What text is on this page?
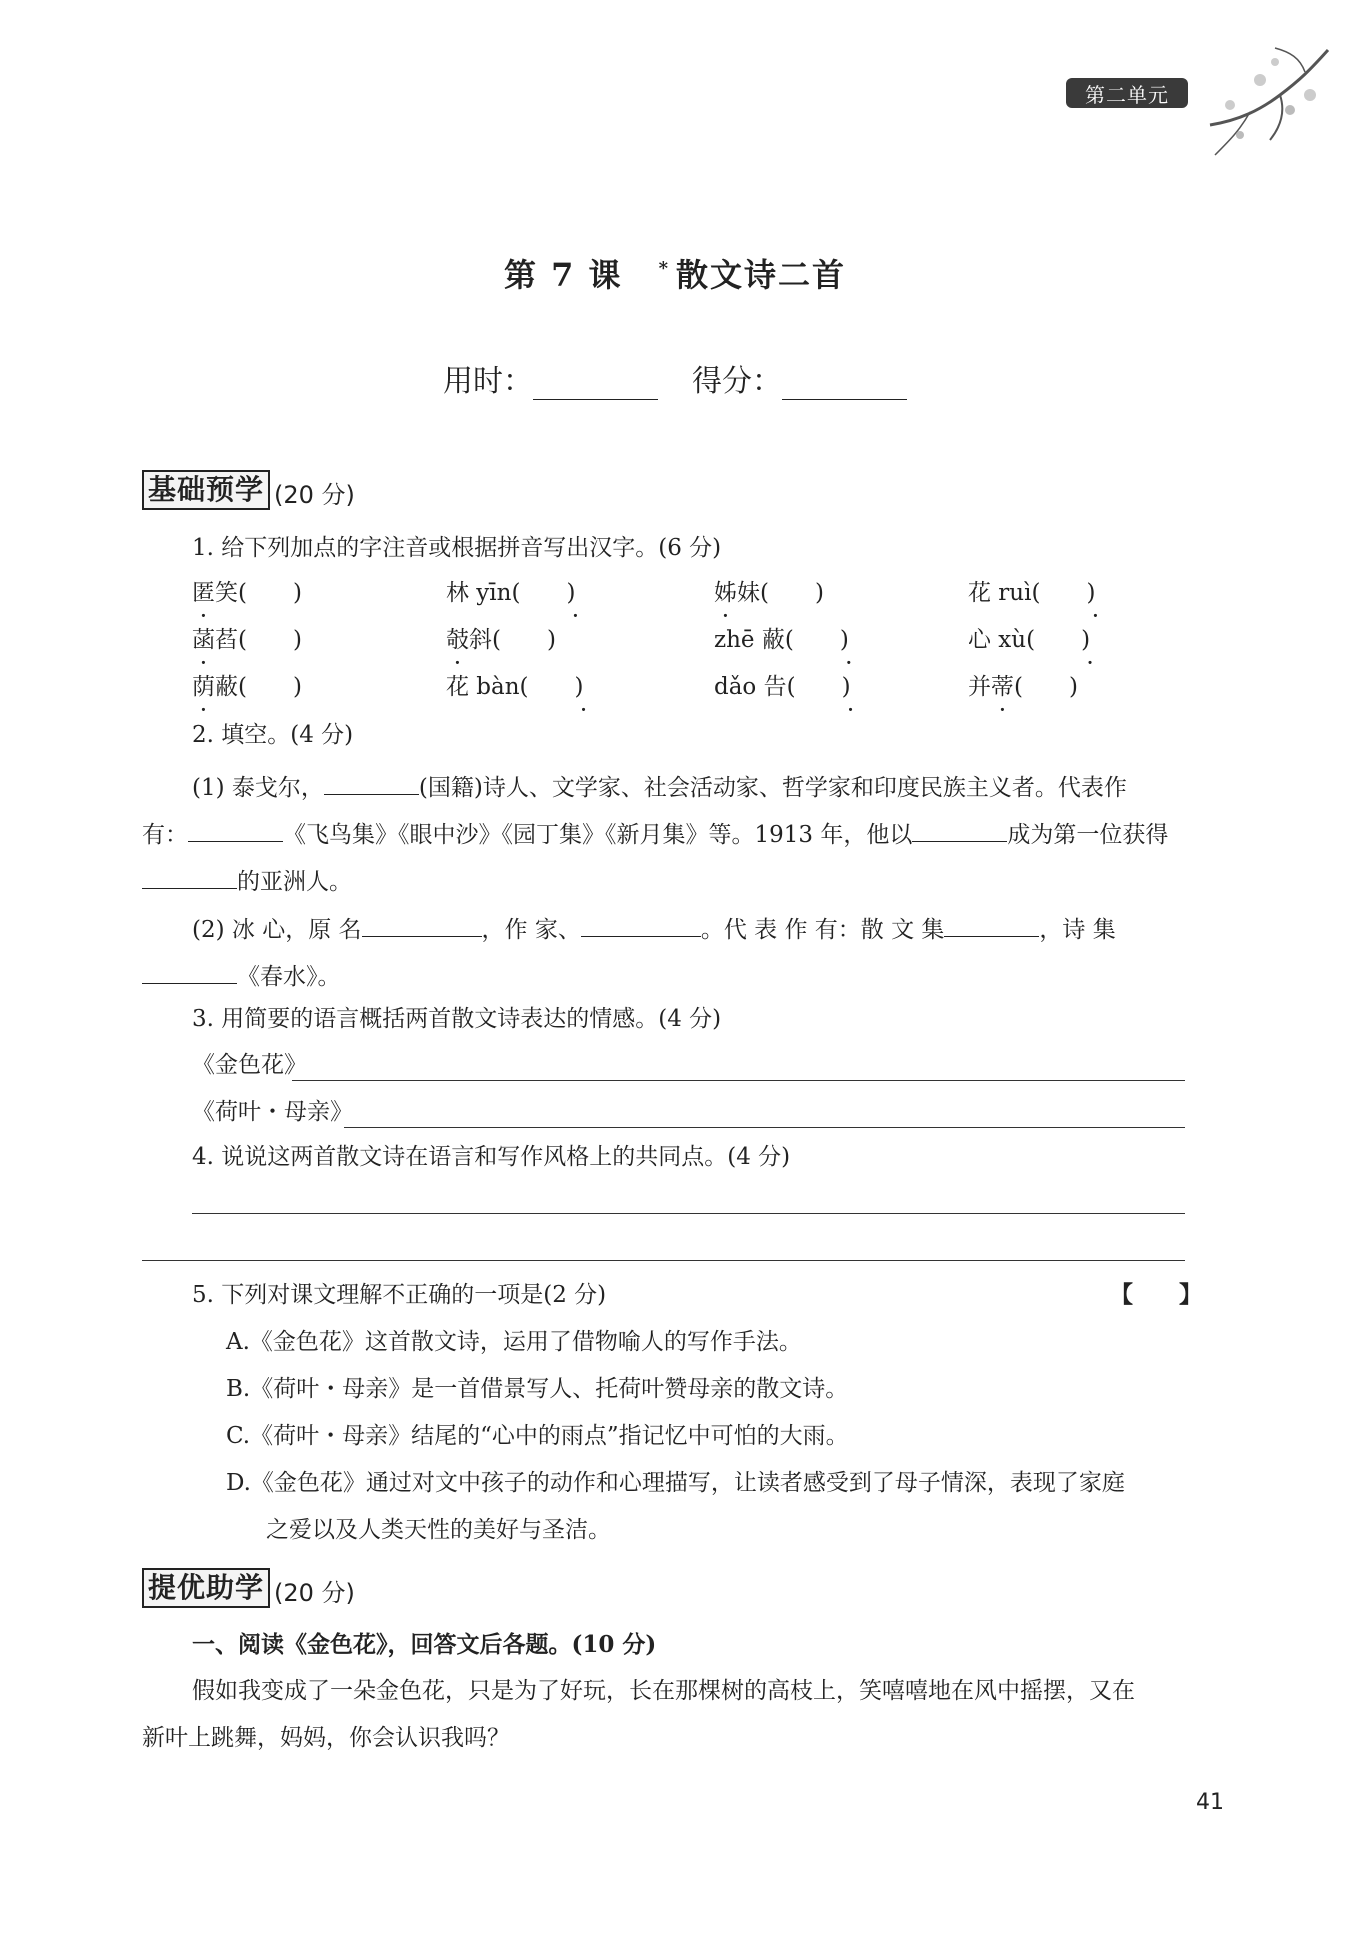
第二单元
第 7 课 * 散文诗二首
用时：	得分：
基础预学 (20 分)
1. 给下列加点的字注音或根据拼音写出汉字。(6 分)
匿笑(　　)	林 yīn(　　)	姊妹(　　)	花 ruì(　　)
菡萏(　　)	攲斜(　　)	zhē 蔽(　　)	心 xù(　　)
荫蔽(　　)	花 bàn(　　)	dǎo 告(　　)	并蒂(　　)
2. 填空。(4 分)
(1) 泰戈尔，	(国籍)诗人、文学家、社会活动家、哲学家和印度民族主义者。代表作
有：	《飞鸟集》《眼中沙》《园丁集》《新月集》等。1913 年，他以	成为第一位获得
的亚洲人。
(2) 冰 心，原 名	，作 家、	。代 表 作 有：散 文 集	，诗 集
《春水》。
3. 用简要的语言概括两首散文诗表达的情感。(4 分)
《金色花》
《荷叶・母亲》
4. 说说这两首散文诗在语言和写作风格上的共同点。(4 分)
5. 下列对课文理解不正确的一项是(2 分)	【　　】
A.《金色花》这首散文诗，运用了借物喻人的写作手法。
B.《荷叶・母亲》是一首借景写人、托荷叶赞母亲的散文诗。
C.《荷叶・母亲》结尾的“心中的雨点”指记忆中可怕的大雨。
D.《金色花》通过对文中孩子的动作和心理描写，让读者感受到了母子情深，表现了家庭
之爱以及人类天性的美好与圣洁。
提优助学 (20 分)
一、阅读《金色花》，回答文后各题。(10 分)
假如我变成了一朵金色花，只是为了好玩，长在那棵树的高枝上，笑嘻嘻地在风中摇摆，又在
新叶上跳舞，妈妈，你会认识我吗？
41
